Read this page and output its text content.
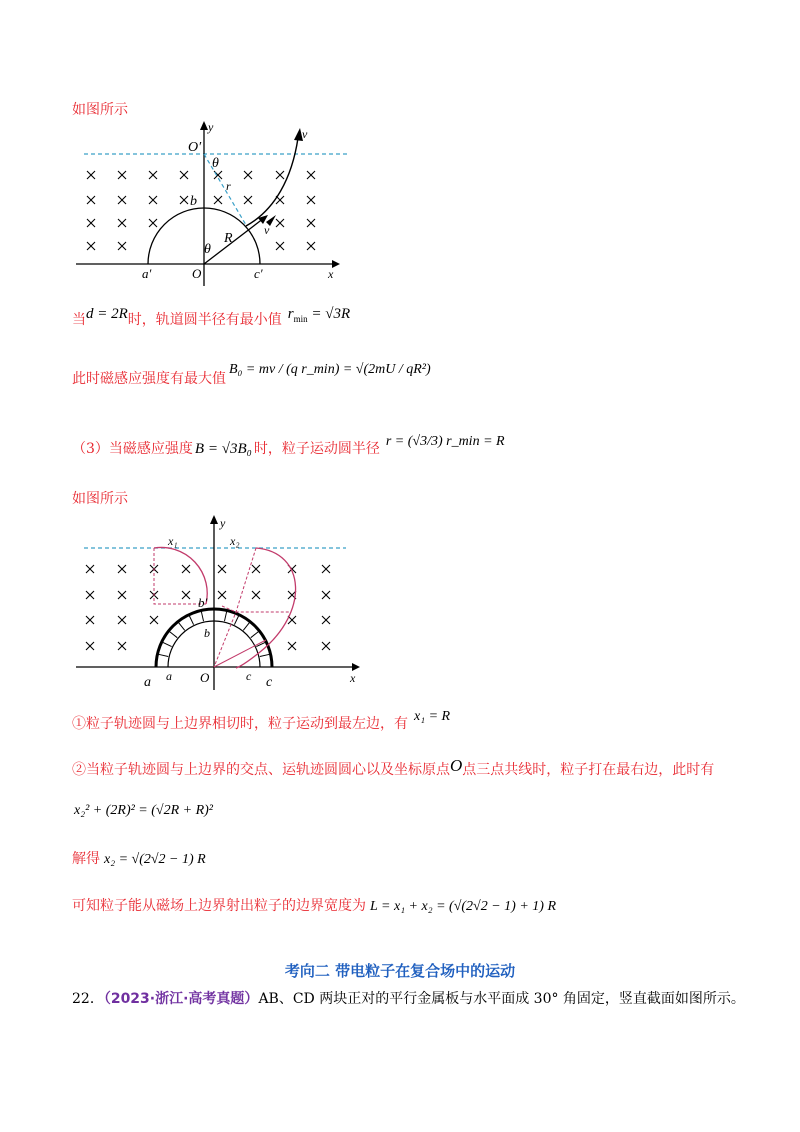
如图所示
y
x
O′
θ
r
b
R
v
v
θ
a′	O	c′
当d = 2R时，轨道圆半径有最小值 $r_{min} = √3R$
此时磁感应强度有最大值
B₀ = mv / (q r_min) = √(2mU / qR²)
（3）当磁感应强度 B = √3B₀ 时，粒子运动圆半径 r = (√3/3) r_min = R
如图所示
x₁	x₂
y
x
b′
b
a a O	c c
①粒子轨迹圆与上边界相切时，粒子运动到最左边，有 x₁ = R
②当粒子轨迹圆与上边界的交点、运轨迹圆圆心以及坐标原点O点三点共线时，粒子打在最右边，此时有
x₂² + (2R)² = (√2R + R)²
解得 x₂ = √(2√2 − 1) R
可知粒子能从磁场上边界射出粒子的边界宽度为 L = x₁ + x₂ = (√(2√2 − 1) + 1) R
考向二 带电粒子在复合场中的运动
22．（2023·浙江·高考真题）AB、CD 两块正对的平行金属板与水平面成 30° 角固定，竖直截面如图所示。
